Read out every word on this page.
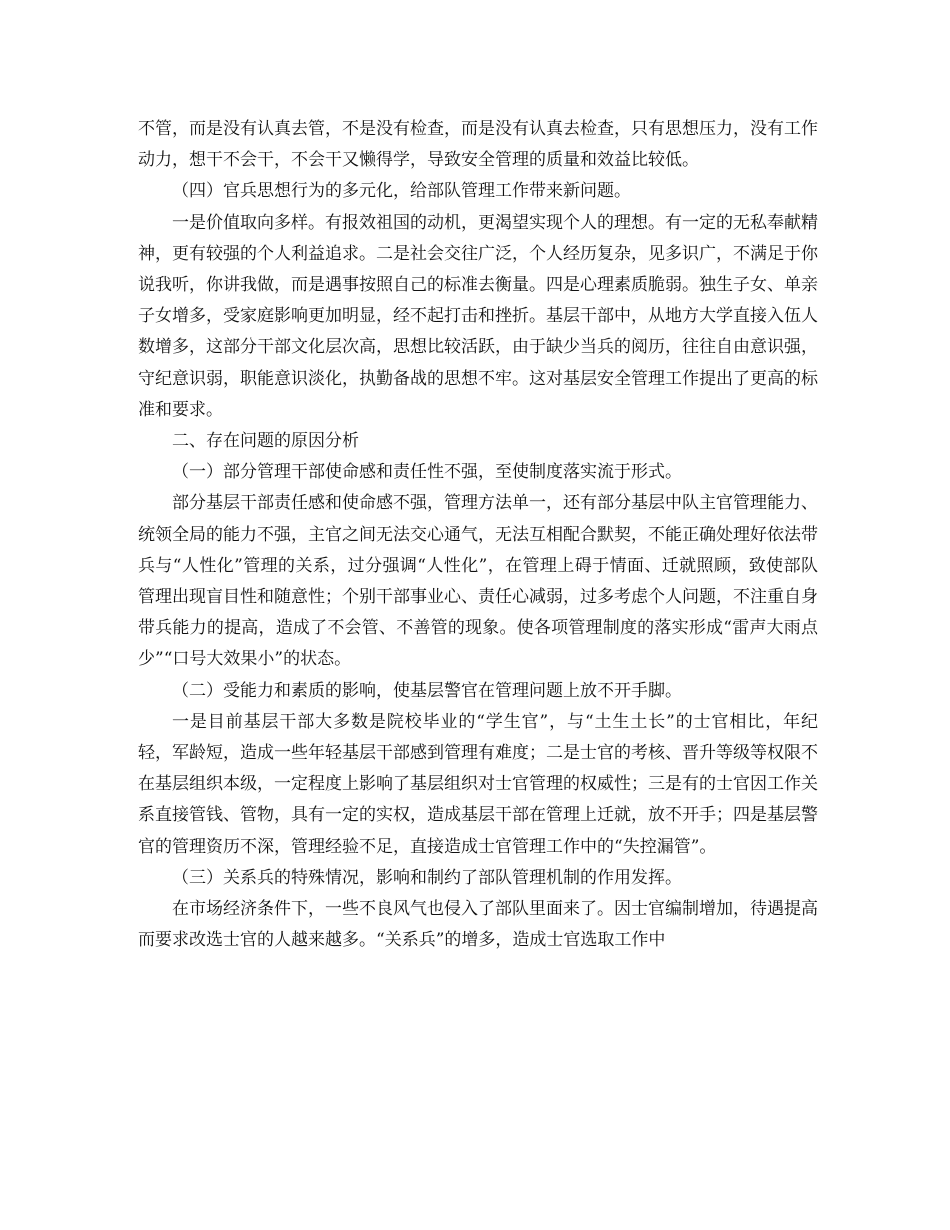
不管，而是没有认真去管，不是没有检查，而是没有认真去检查，只有思想压力，没有工作动力，想干不会干，不会干又懒得学，导致安全管理的质量和效益比较低。

（四）官兵思想行为的多元化，给部队管理工作带来新问题。

一是价值取向多样。有报效祖国的动机，更渴望实现个人的理想。有一定的无私奉献精神，更有较强的个人利益追求。二是社会交往广泛，个人经历复杂，见多识广，不满足于你说我听，你讲我做，而是遇事按照自己的标准去衡量。四是心理素质脆弱。独生子女、单亲子女增多，受家庭影响更加明显，经不起打击和挫折。基层干部中，从地方大学直接入伍人数增多，这部分干部文化层次高，思想比较活跃，由于缺少当兵的阅历，往往自由意识强，守纪意识弱，职能意识淡化，执勤备战的思想不牢。这对基层安全管理工作提出了更高的标准和要求。

二、存在问题的原因分析

（一）部分管理干部使命感和责任性不强，至使制度落实流于形式。

部分基层干部责任感和使命感不强，管理方法单一，还有部分基层中队主官管理能力、统领全局的能力不强，主官之间无法交心通气，无法互相配合默契，不能正确处理好依法带兵与“人性化”管理的关系，过分强调“人性化”，在管理上碍于情面、迁就照顾，致使部队管理出现盲目性和随意性；个别干部事业心、责任心减弱，过多考虑个人问题，不注重自身带兵能力的提高，造成了不会管、不善管的现象。使各项管理制度的落实形成“雷声大雨点少”“口号大效果小”的状态。

（二）受能力和素质的影响，使基层警官在管理问题上放不开手脚。

一是目前基层干部大多数是院校毕业的“学生官”，与“土生土长”的士官相比，年纪轻，军龄短，造成一些年轻基层干部感到管理有难度；二是士官的考核、晋升等级等权限不在基层组织本级，一定程度上影响了基层组织对士官管理的权威性；三是有的士官因工作关系直接管钱、管物，具有一定的实权，造成基层干部在管理上迁就，放不开手；四是基层警官的管理资历不深，管理经验不足，直接造成士官管理工作中的“失控漏管”。

（三）关系兵的特殊情况，影响和制约了部队管理机制的作用发挥。

在市场经济条件下，一些不良风气也侵入了部队里面来了。因士官编制增加，待遇提高而要求改选士官的人越来越多。“关系兵”的增多，造成士官选取工作中
